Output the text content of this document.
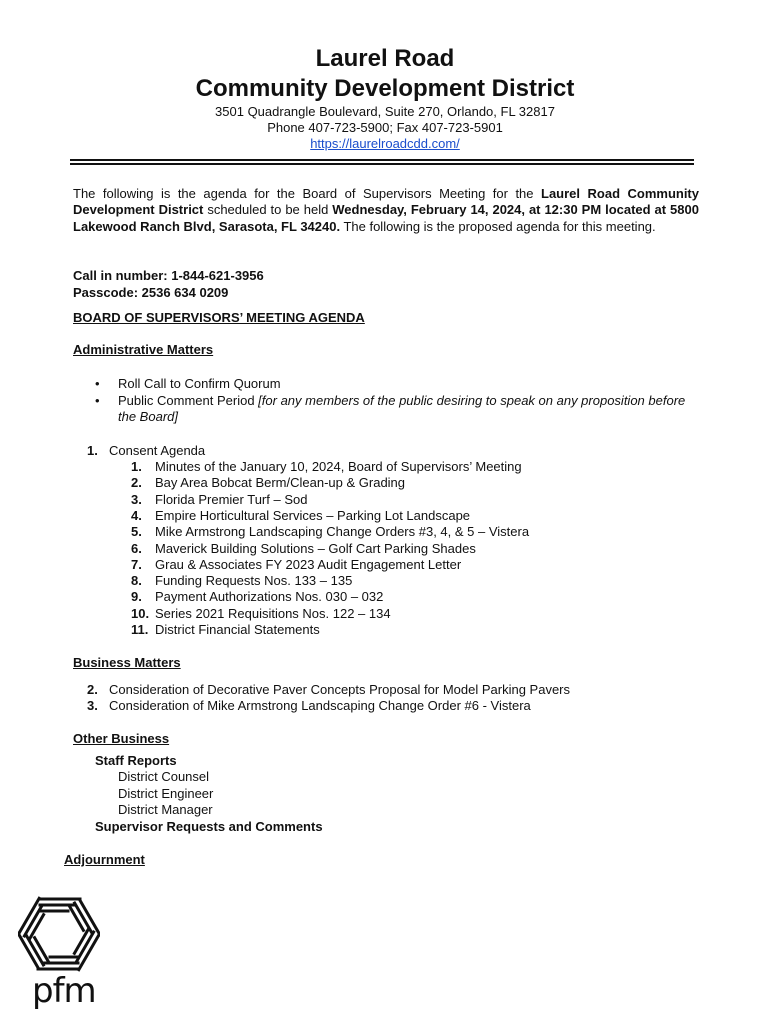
Laurel Road
Community Development District
3501 Quadrangle Boulevard, Suite 270, Orlando, FL 32817
Phone 407-723-5900; Fax 407-723-5901
https://laurelroadcdd.com/
The following is the agenda for the Board of Supervisors Meeting for the Laurel Road Community Development District scheduled to be held Wednesday, February 14, 2024, at 12:30 PM located at 5800 Lakewood Ranch Blvd, Sarasota, FL 34240. The following is the proposed agenda for this meeting.
Call in number: 1-844-621-3956
Passcode: 2536 634 0209
BOARD OF SUPERVISORS’ MEETING AGENDA
Administrative Matters
• Roll Call to Confirm Quorum
• Public Comment Period [for any members of the public desiring to speak on any proposition before the Board]
1. Consent Agenda
1. Minutes of the January 10, 2024, Board of Supervisors’ Meeting
2. Bay Area Bobcat Berm/Clean-up & Grading
3. Florida Premier Turf – Sod
4. Empire Horticultural Services – Parking Lot Landscape
5. Mike Armstrong Landscaping Change Orders #3, 4, & 5 – Vistera
6. Maverick Building Solutions – Golf Cart Parking Shades
7. Grau & Associates FY 2023 Audit Engagement Letter
8. Funding Requests Nos. 133 – 135
9. Payment Authorizations Nos. 030 – 032
10. Series 2021 Requisitions Nos. 122 – 134
11. District Financial Statements
Business Matters
2. Consideration of Decorative Paver Concepts Proposal for Model Parking Pavers
3. Consideration of Mike Armstrong Landscaping Change Order #6 - Vistera
Other Business
Staff Reports
District Counsel
District Engineer
District Manager
Supervisor Requests and Comments
Adjournment
pfm
